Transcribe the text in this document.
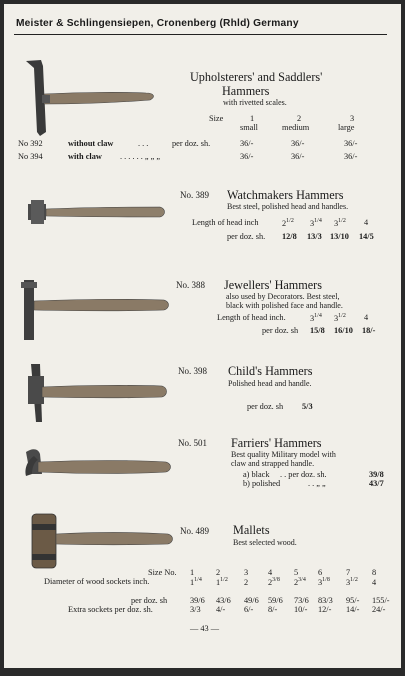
Meister & Schlingensiepen, Cronenberg (Rhld) Germany
Upholsterers' and Saddlers'
Hammers
with rivetted scales.
Size	1	2	3
small	medium	large
No 392	without claw	. . .	per doz. sh.	36/-	36/-	36/-
No 394	with claw . . . . . . „ „ „	36/-	36/-	36/-
No. 389 Watchmakers Hammers
Best steel, polished head and handles.
Length of head inch	$2^{1/2}$ $3^{1/4}$ $3^{1/2}$ 4
per doz. sh. 12/8 13/3 13/10 14/5
No. 388 Jewellers' Hammers
also used by Decorators. Best steel,
black with polished face and handle.
Length of head inch.	$3^{1/4}$ $3^{1/2}$ 4
per doz. sh 15/8 16/10 18/-
No. 398 Child's Hammers
Polished head and handle.
per doz. sh 5/3
No. 501 Farriers' Hammers
Best quality Military model with
claw and strapped handle.
a) black . . per doz. sh.	39/8
b) polished	. . „ „	43/7
No. 489 Mallets
Best selected wood.
Size No. 1	2	3 4	5 6	7	8
$1^{1/4}$ $1^{1/2}$ 2 $2^{3/8}$ $2^{3/4}$ $3^{1/8}$ $3^{1/2}$ 4
39/6 43/6 49/6 59/6 73/6 83/3 95/- 155/-
3/3 4/- 6/- 8/- 10/- 12/- 14/- 24/-
Diameter of wood sockets inch.
per doz. sh
Extra sockets per doz. sh.
— 43 —
